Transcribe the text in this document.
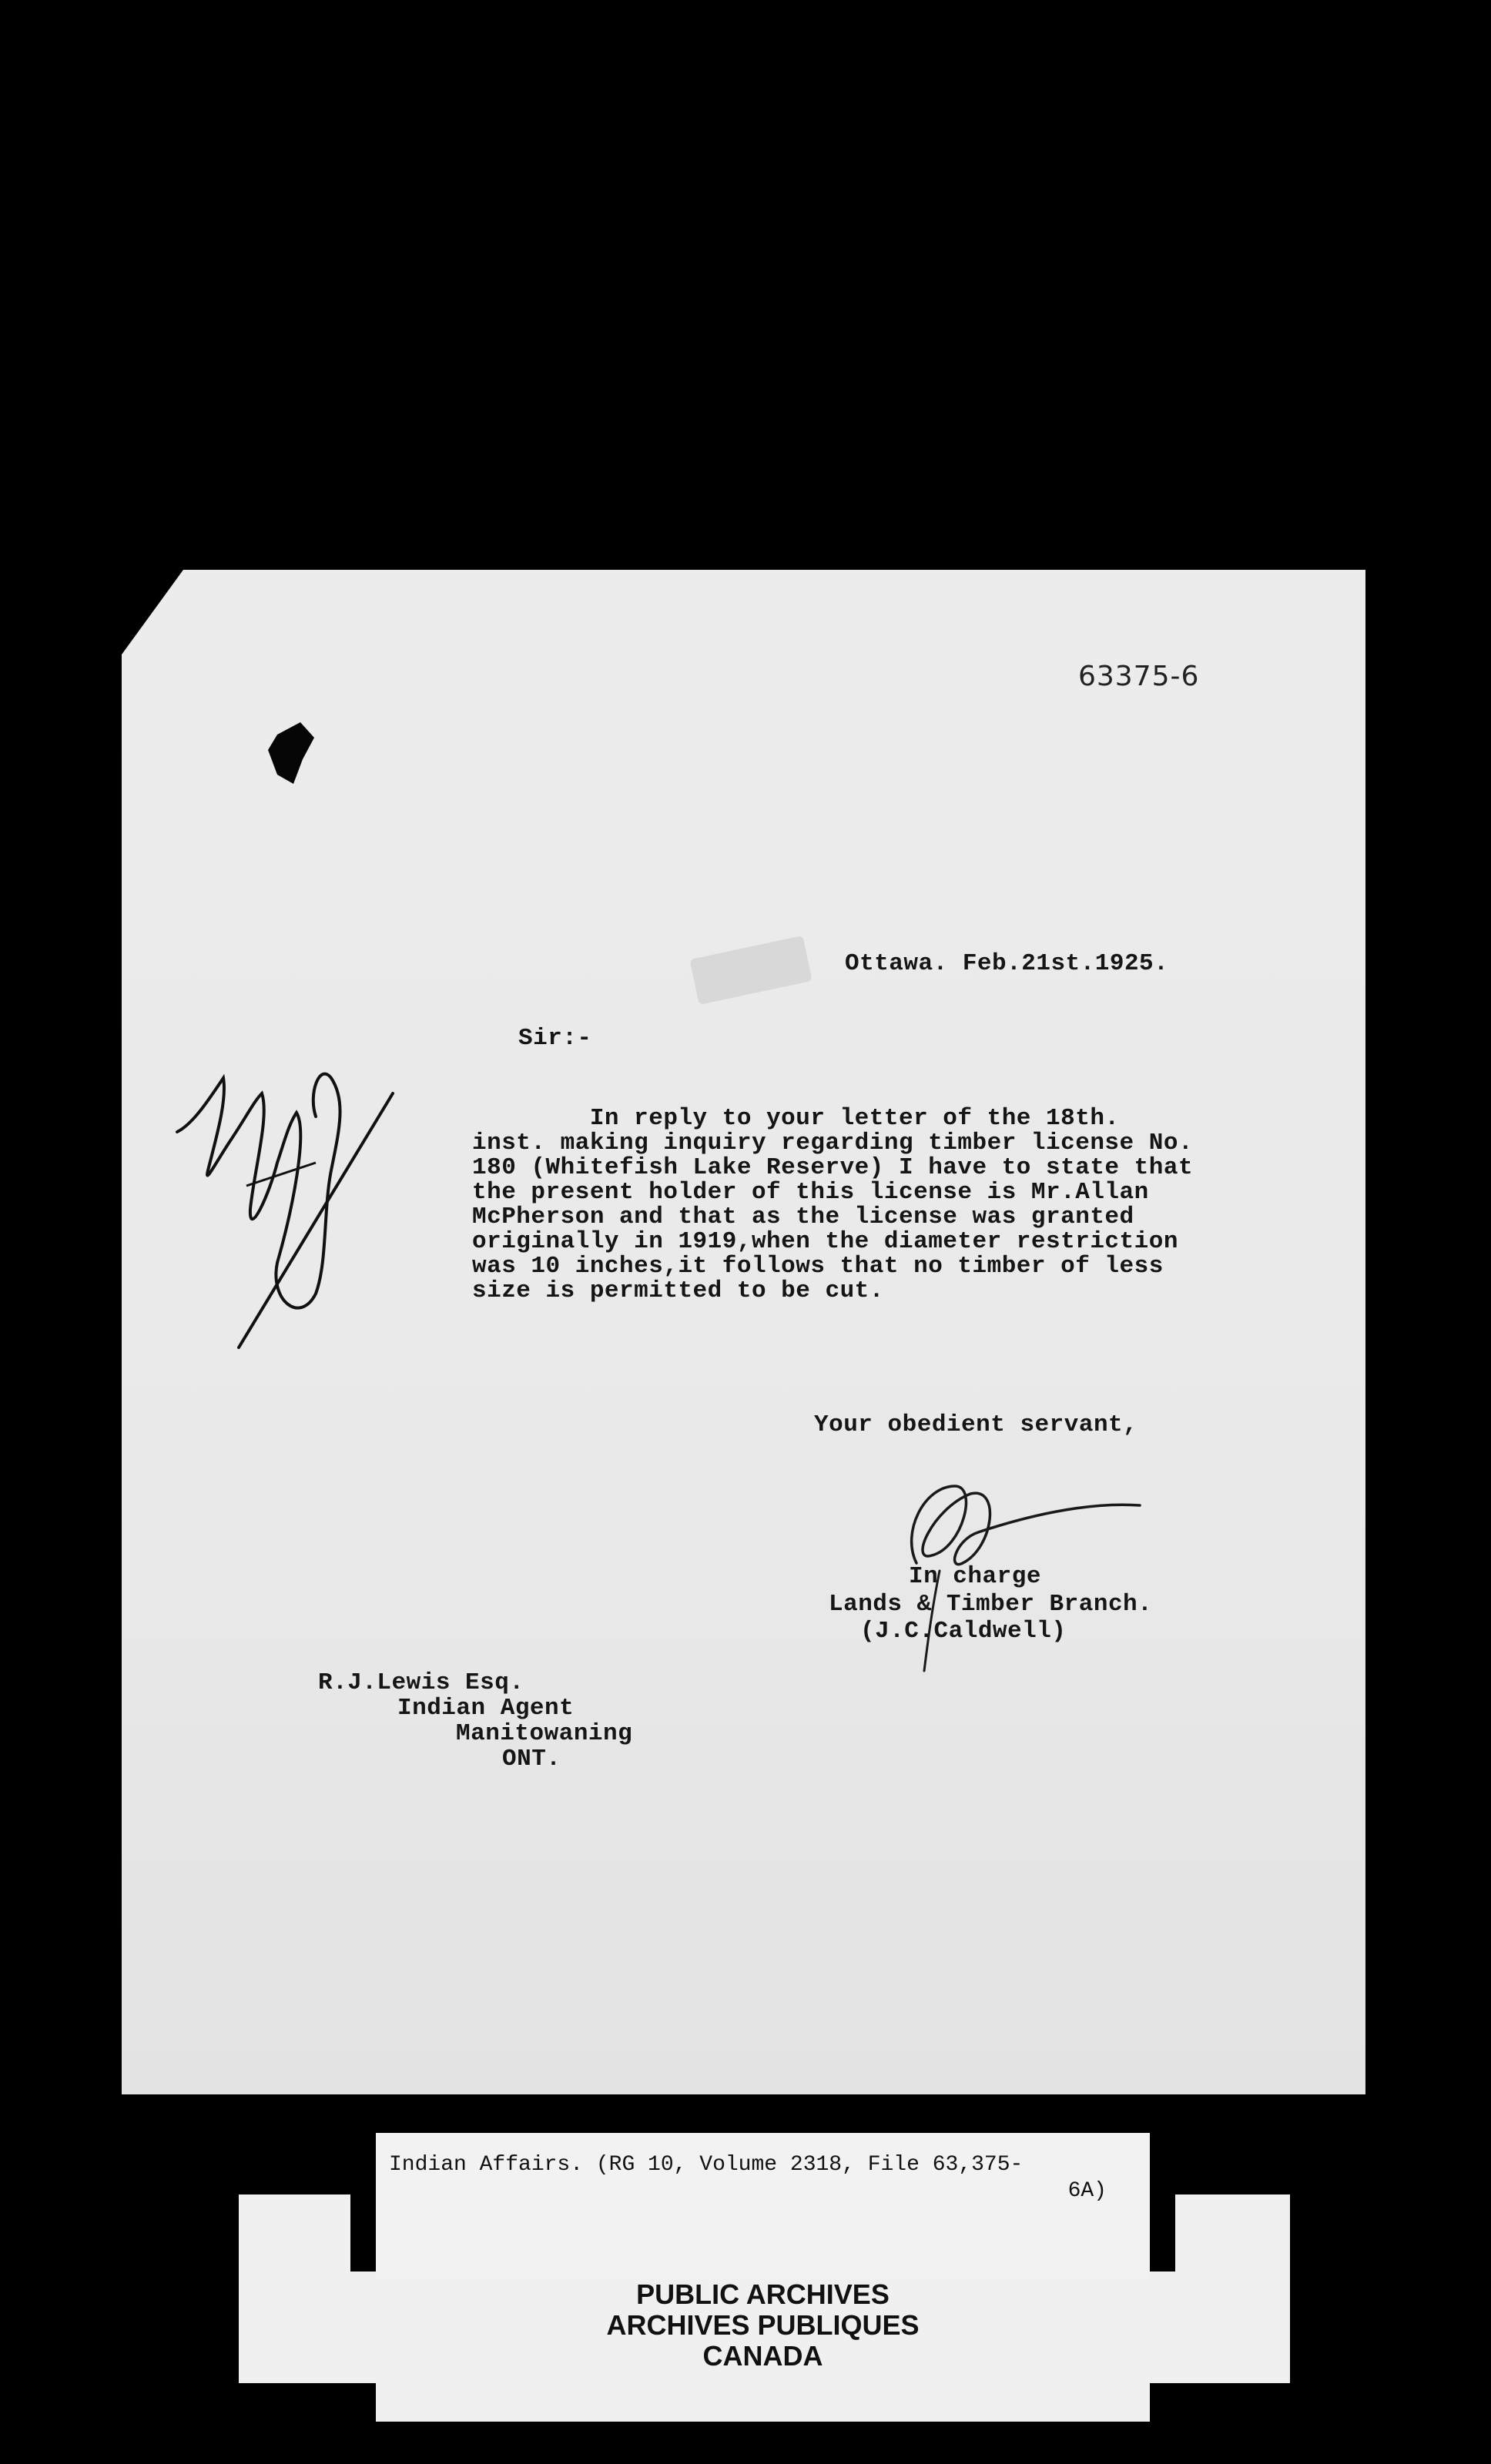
63375-6
Ottawa. Feb.21st.1925.
Sir:-
In reply to your letter of the 18th.
inst. making inquiry regarding timber license No.
180 (Whitefish Lake Reserve) I have to state that
the present holder of this license is Mr.Allan
McPherson and that as the license was granted
originally in 1919,when the diameter restriction
was 10 inches,it follows that no timber of less
size is permitted to be cut.
Your obedient servant,
In charge
Lands & Timber Branch.
(J.C.Caldwell)
R.J.Lewis Esq.
Indian Agent
Manitowaning
ONT.
Indian Affairs. (RG 10, Volume 2318, File 63,375-
6A)
PUBLIC ARCHIVES
ARCHIVES PUBLIQUES
CANADA
